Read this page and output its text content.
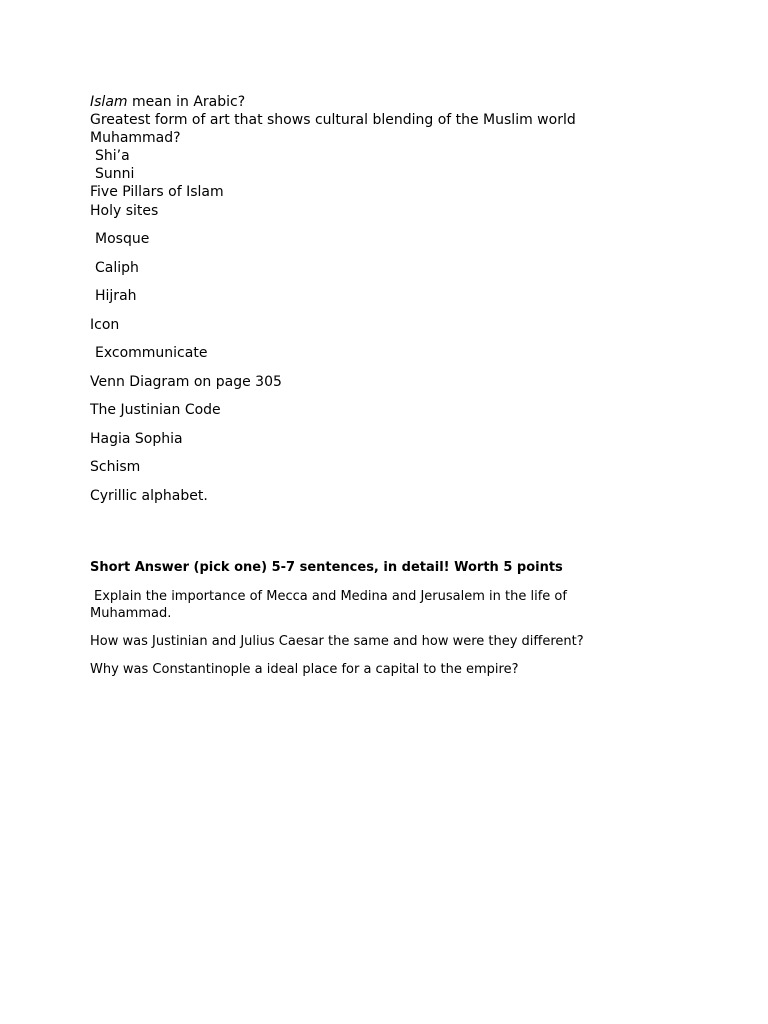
Islam mean in Arabic?
Greatest form of art that shows cultural blending of the Muslim world
Muhammad?
Shi’a
Sunni
Five Pillars of Islam
Holy sites
Mosque
Caliph
Hijrah
Icon
Excommunicate
Venn Diagram on page 305
The Justinian Code
Hagia Sophia
Schism
Cyrillic alphabet.
Short Answer (pick one) 5-7 sentences, in detail! Worth 5 points
Explain the importance of Mecca and Medina and Jerusalem in the life of Muhammad.
How was Justinian and Julius Caesar the same and how were they different?
Why was Constantinople a ideal place for a capital to the empire?
